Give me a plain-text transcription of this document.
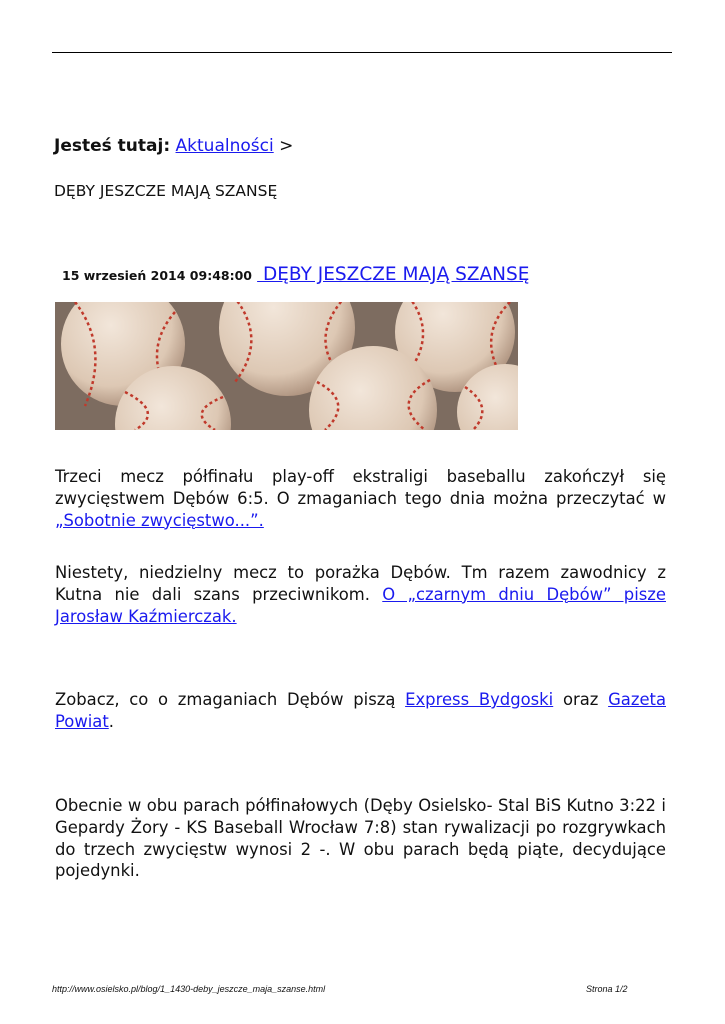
Jesteś tutaj: Aktualności >
DĘBY JESZCZE MAJĄ SZANSĘ
15 wrzesień 2014 09:48:00 DĘBY JESZCZE MAJĄ SZANSĘ

Trzeci mecz półfinału play-off ekstraligi baseballu zakończył się zwycięstwem Dębów 6:5. O zmaganiach tego dnia można przeczytać w „Sobotnie zwycięstwo...”.

Niestety, niedzielny mecz to porażka Dębów. Tm razem zawodnicy z Kutna nie dali szans przeciwnikom. O „czarnym dniu Dębów” pisze Jarosław Kaźmierczak.

Zobacz, co o zmaganiach Dębów piszą Express Bydgoski oraz Gazeta Powiat.

Obecnie w obu parach półfinałowych (Dęby Osielsko- Stal BiS Kutno 3:22 i Gepardy Żory - KS Baseball Wrocław 7:8) stan rywalizacji po rozgrywkach do trzech zwycięstw wynosi 2 -. W obu parach będą piąte, decydujące pojedynki.

http://www.osielsko.pl/blog/1_1430-deby_jeszcze_maja_szanse.html	Strona 1/2
